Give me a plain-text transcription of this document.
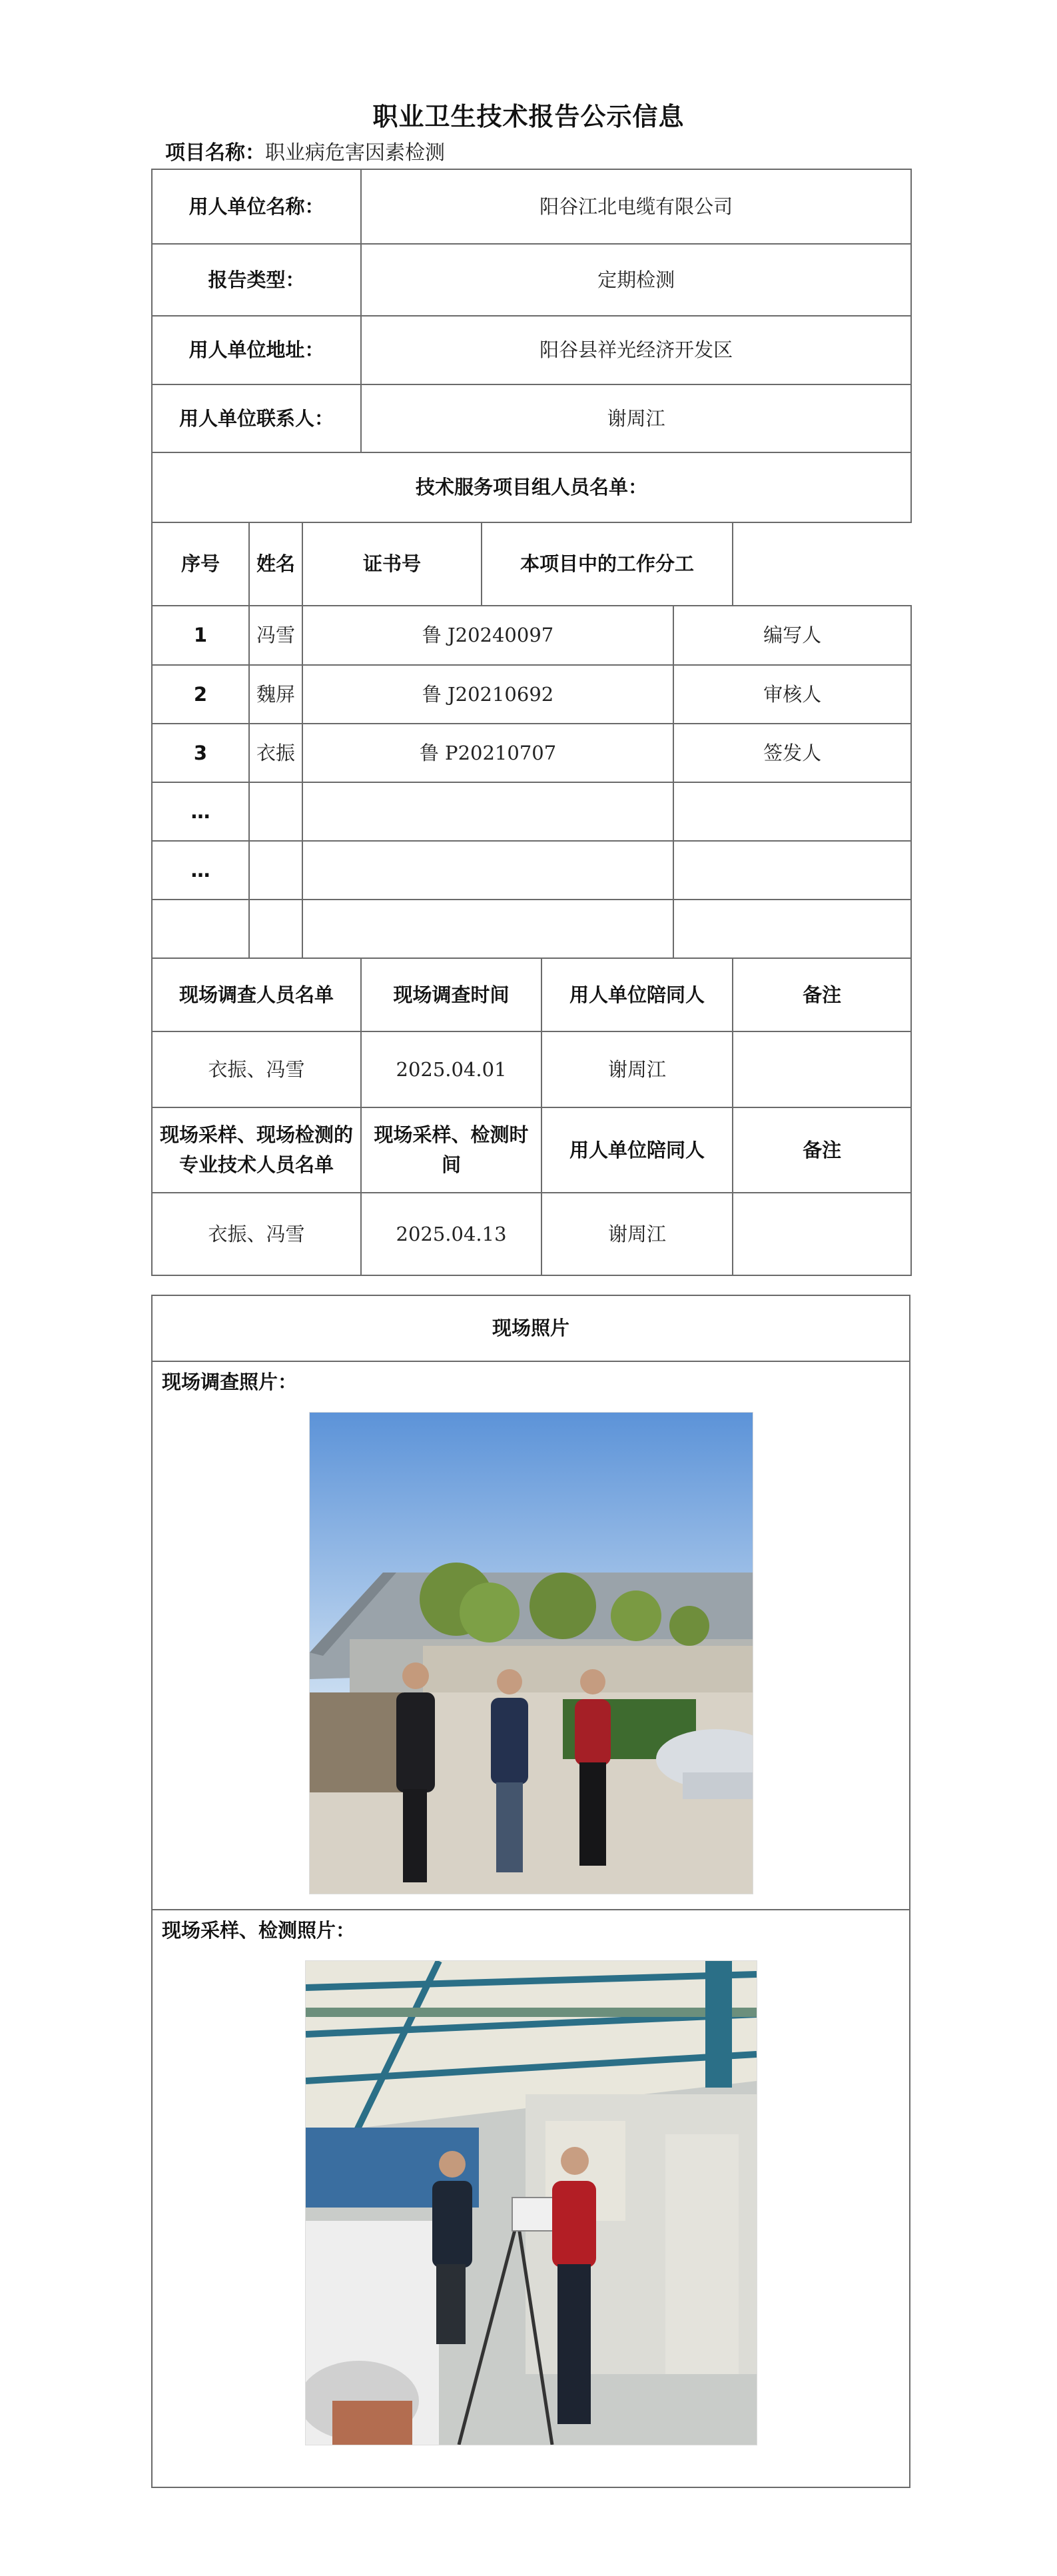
职业卫生技术报告公示信息
项目名称：职业病危害因素检测
用人单位名称：			阳谷江北电缆有限公司				
报告类型：			定期检测				
用人单位地址：			阳谷县祥光经济开发区				
用人单位联系人：			谢周江				
技术服务项目组人员名单：							
序号	姓名	证书号		本项目中的工作分工			
1	冯雪	鲁 J20240097				编写人	
2	魏屏	鲁 J20210692				审核人	
3	衣振	鲁 P20210707				签发人	
…							
…							

现场调查人员名单			现场调查时间		用人单位陪同人		备注
衣振、冯雪			2025.04.01		谢周江		
现场采样、现场检测的专业技术人员名单			现场采样、检测时间		用人单位陪同人		备注
衣振、冯雪			2025.04.13		谢周江		
现场照片

现场调查照片：

现场采样、检测照片：
